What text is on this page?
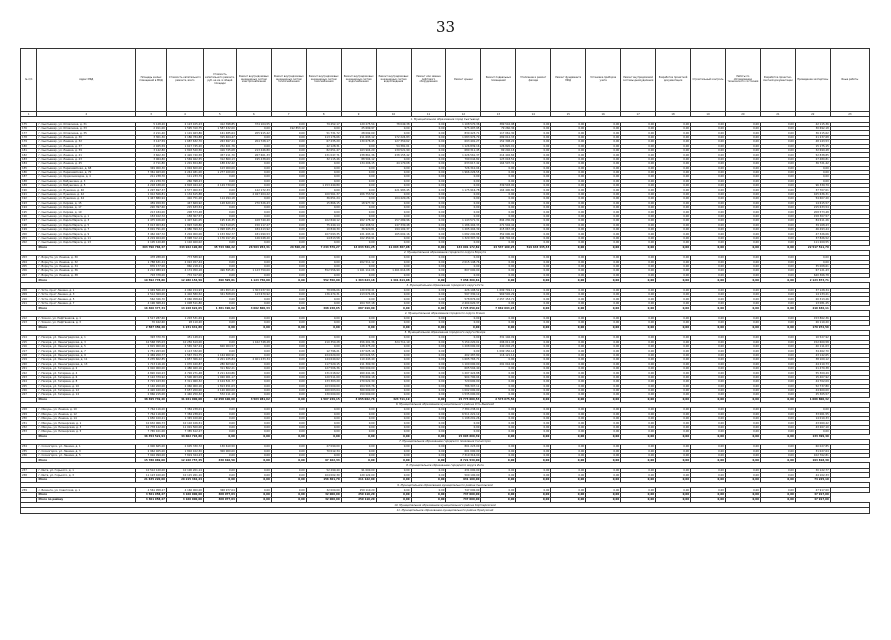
33
№ п/п	Адрес МКД	Площадь жилых помещений в МКД	Стоимость капитального ремонта, всего	Стоимость капитального ремонта, руб. на кв. м общей площади	Ремонт внутридомовых инженерных систем электроснабжения	Ремонт внутридомовых инженерных систем теплоснабжения	Ремонт внутридомовых инженерных систем газоснабжения	Ремонт внутридомовых инженерных систем водоснабжения	Ремонт внутридомовых инженерных систем водоотведения	Ремонт или замена лифтового оборудования	Ремонт крыши	Ремонт подвальных помещений	Утепление и ремонт фасада	Ремонт фундамента МКД	Установка приборов учета	Ремонт внутридомовой системы дымоудаления	Разработка проектной документации	Строительный контроль	Работы по обследованию технического состояния	Разработка проектно-сметной документации	Проведение экспертизы	Иные работы
1	2	3	4	5	6	7	8	9	10	11	12	13	14	15	16	17	18	19	20	21	22	23
1. Муниципальное образование город Сыктывкар																						
175	г. Сыктывкар, ул. Оплеснина, д. 31	5 128,20	2 123 105,23	412 398,85	374 104,55	0,00	79 452,17	129 275,54	78 049,38	0,00	1 108 570,36	389 542,98	0,00	0,00	0,00	0,00	0,00	0,00	0,00	0,00	42 115,36	
176	г. Сыктывкар, ул. Оплеснина, д. 33	2 911,00	1 595 310,75	1 587 432,00	0,00	192 853,12	0,00	25 699,97	0,00	0,00	975 407,95	79 260,36	0,00	0,00	0,00	0,00	0,00	0,00	0,00	0,00	30 692,18	
177	г. Сыктывкар, ул. Оплеснина, д. 35	2 211,40	1 101 463,86	161 485,64	205 915,42	0,00	51 731,72	28 092,09	0,00	0,00	830 423,71	117 061,30	0,00	0,00	0,00	0,00	0,00	0,00	0,00	0,00	36 215,62	
178	г. Сыктывкар, ул. Ленина, д. 30	3 301,30	2 186 784,88	315 464,47	0,00	0,00	113 176,66	211 693,12	172 224,83	0,00	1 083 976,79	289 012,33	0,00	0,00	0,00	0,00	0,00	0,00	0,00	0,00	21 237,68	
179	г. Сыктывкар, ул. Ленина, д. 32	3 147,59	1 687 632,70	263 697,24	204 728,17	0,00	67 235,20	130 678,45	127 350,62	0,00	693 491,27	152 308,22	0,00	0,00	0,00	0,00	0,00	0,00	0,00	0,00	48 143,53	
180	г. Сыктывкар, ул. Ленина, д. 37	2 925,59	1 617 745,20	252 401,76	0,00	0,00	42 128,31	0,00	54 381,01	0,00	1 126 839,16	126 820,01	0,00	0,00	0,00	0,00	0,00	0,00	0,00	0,00	15 175,15	
181	г. Сыктывкар, ул. Ленина, д. 39	3 142,80	1 818 520,56	416 745,08	213 446,80	0,00	82 651,47	163 904,20	139 521,90	0,00	680 311,45	89 240,18	0,00	0,00	0,00	0,00	0,00	0,00	0,00	0,00	32 699,48	
182	г. Сыктывкар, ул. Ленина, д. 41	3 602,30	2 426 740,58	457 211,70	267 661,33	0,00	131 047,71	238 861,36	238 155,42	0,00	1 226 561,37	214 402,84	0,00	0,00	0,00	0,00	0,00	0,00	0,00	0,00	52 838,85	
183	г. Сыктывкар, ул. Ленина, д. 43	3 064,80	1 569 462,55	312 860,13	195 438,69	0,00	32 115,46	88 504,12	0,00	0,00	790 044,82	123 018,52	0,00	0,00	0,00	0,00	0,00	0,00	0,00	0,00	27 480,81	
184	г. Сыктывкар, ул. Ленина, д. 45	2 711,80	1 201 654,80	188 432,42	0,00	0,00	0,00	134 206,15	44 170,08	0,00	633 617,42	164 507,31	0,00	0,00	0,00	0,00	0,00	0,00	0,00	0,00	36 721,42	
185	г. Сыктывкар, ул. Первомайская, д. 68	349 000,30	1 004 600,00	103 000,00	0,00	0,00	0,00	0,00	0,00	0,00	726 310,04	0,00	0,00	0,00	0,00	0,00	0,00	0,00	0,00	0,00	0,00	
186	г. Сыктывкар, ул. Первомайская, д. 70	7 361 463,00	2 244 481,00	1 277 100,00	0,00	0,00	0,00	0,00	0,00	0,00	1 966 226,55	0,00	0,00	0,00	0,00	0,00	0,00	0,00	0,00	0,00	0,00	
187	г. Сыктывкар, ул. Орджоникидзе, д. 4	211 238,70	111 233,79	0,00	0,00	0,00	0,00	0,00	0,00	0,00	0,00	0,00	0,00	0,00	0,00	0,00	0,00	0,00	0,00	0,00	0,00	
188	г. Сыктывкар, ул. Бабушкина, д. 3	211 239,70	266 398,23	0,00	0,00	0,00	0,00	0,00	0,00	0,00	0,00	0,00	0,00	0,00	0,00	0,00	0,00	0,00	0,00	0,00	0,00	
189	г. Сыктывкар, ул. Бабушкина, д. 5	4 218 188,00	2 818 044,22	2 129 739,00	0,00	0,00	1 153 440,80	0,00	0,00	0,00	0,00	339 503,00	0,00	0,00	0,00	0,00	0,00	0,00	0,00	0,00	96 339,79	
190	г. Сыктывкар, ул. Пушкина, д. 40	2 297 697,37	2 577 000,53	0,00	122 172,33	0,00	0,00	0,00	221 983,45	0,00	1 175 916,78	164 400,80	0,00	0,00	0,00	0,00	0,00	0,00	0,00	0,00	37 707,01	
191	г. Сыктывкар, ул. Пушкина, д. 42	1 912 566,81	1 134 615,88	0,00	2 947 204,22	0,00	100 561,37	206 753,52	0,00	0,00	0,00	0,00	0,00	0,00	0,00	0,00	0,00	0,00	0,00	0,00	165 636,31	
192	г. Сыктывкар, ул. Пушкина, д. 44	1 447 880,94	416 751,28	114 294,18	0,00	0,00	36 651,24	0,00	104 420,26	0,00	0,00	0,00	0,00	0,00	0,00	0,00	0,00	0,00	0,00	0,00	54 607,20	
193	г. Сыктывкар, ул. Кирова, д. 15	459 459,50	447 669,92	128 620,24	270 526,43	0,00	15 866,15	18 977,32	0,00	0,00	0,00	0,00	0,00	0,00	0,00	0,00	0,00	0,00	0,00	0,00	14 615,57	
194	г. Сыктывкар, ул. Кирова, д. 17	220 397,60	215 633,54	0,00	0,00	0,00	0,00	0,00	0,00	0,00	0,00	0,00	0,00	0,00	0,00	0,00	0,00	0,00	0,00	0,00	215 633,54	
195	г. Сыктывкар, ул. Кирова, д. 19	213 184,00	208 573,48	0,00	0,00	0,00	0,00	0,00	0,00	0,00	0,00	0,00	0,00	0,00	0,00	0,00	0,00	0,00	0,00	0,00	208 573,48	
196	г. Сыктывкар, ул. Карла Маркса, д. 1	153 102,72	158 307,57	0,00	0,00	0,00	0,00	0,00	0,00	0,00	0,00	0,00	0,00	0,00	0,00	0,00	0,00	0,00	0,00	0,00	158 307,57	
197	г. Сыктывкар, ул. Карла Маркса, д. 3	2 475 106,00	1 407 641,05	195 416,35	108 740,40	0,00	102 849,12	202 178,42	157 289,96	0,00	1 143 571,31	894 230,09	0,00	0,00	0,00	0,00	0,00	0,00	0,00	0,00	84 611,26	
198	г. Сыктывкар, ул. Карла Маркса, д. 5	3 013 003,84	1 893 318,86	314 519,05	150 117,27	0,00	75 440,14	162 408,51	147 330,48	0,00	1 186 404,33	271 504,42	0,00	0,00	0,00	0,00	0,00	0,00	0,00	0,00	39 168,43	
199	г. Сыктывкар, ул. Карла Маркса, д. 7	3 001 791,00	2 980 399,32	1 098 945,33	184 413,92	0,00	10 849,30	36 920,81	194 102,37	0,00	1 205 404,39	415 067,45	0,00	0,00	0,00	0,00	0,00	0,00	0,00	0,00	46 493,44	
200	г. Сыктывкар, ул. Карла Маркса, д. 9	3 462 047,72	3 204 000,00	1 153 302,77	181 090,53	0,00	107 093,35	221 493,41	165 602,16	0,00	1 082 200,88	352 000,00	0,00	0,00	0,00	0,00	0,00	0,00	0,00	0,00	47 326,06	
201	г. Сыктывкар, ул. Карла Маркса, д. 11	4 219 404,00	3 098 312,14	1 176 017,46	126 048,20	0,00	14 813,58	102 450,91	0,00	0,00	1 320 307,32	444 702,04	0,00	0,00	0,00	0,00	0,00	0,00	0,00	0,00	37 826,52	
202	г. Сыктывкар, ул. Карла Маркса, д. 13	2 105 120,68	1 102 400,02	0,00	0,00	0,00	0,00	0,00	0,00	0,00	0,00	0,00	0,00	0,00	0,00	0,00	0,00	0,00	0,00	0,00	111 209,55	
	Итого	363 796 766,47	343 922 190,80	45 743 360,22	26 504 953,31	26 506,29	7 244 579,27	14 033 541,25	11 663 387,98	0,00	144 001 172,82	24 537 169,25	519 643 435,33	0,00	0,00	0,00	0,00	0,00	0,00	0,00	22 517 511,79	
2. Муниципальное образование городского округа Воркута																						
203	г. Воркута, ул. Ленина, д. 30	478 288,00	773 588,92	0,00	0,00	0,00	0,00	0,00	0,00	0,00	0,00	0,00	0,00	0,00	0,00	0,00	0,00	0,00	0,00	0,00	0,00	
204	г. Воркута, ул. Ленина, д. 32	1 788 631,24	2 022 457,44	0,00	0,00	0,00	0,00	202 511,12	0,00	0,00	2 015 148,76	0,00	0,00	0,00	0,00	0,00	0,00	0,00	0,00	0,00	0,00	
205	г. Воркута, ул. Ленина, д. 34	876 177,00	860 218,21	0,00	0,00	0,00	0,00	0,00	0,00	0,00	0,00	0,00	0,00	0,00	0,00	0,00	0,00	0,00	0,00	0,00	35 008,61	
206	г. Воркута, ул. Ленина, д. 36	2 212 089,94	4 174 050,18	496 595,81	1 123 750,00	0,00	552 556,90	1 161 112,06	1 461 614,08	0,00	807 000,00	0,00	0,00	0,00	0,00	0,00	0,00	0,00	0,00	0,00	67 121,43	
207	г. Воркута, ул. Ленина, д. 38	703 378,00	772 317,00	0,00	0,00	0,00	0,00	0,00	0,00	0,00	0,00	0,00	0,00	0,00	0,00	0,00	0,00	0,00	0,00	0,00	640 366,78	
	Итого	10 592 778,86	12 286 154,59	496 595,81	1 123 750,00	0,00	552 556,90	1 363 623,18	1 461 614,08	0,00	7 958 360,61	0,00	0,00	0,00	0,00	0,00	0,00	0,00	0,00	0,00	2 123 873,71	
3. Муниципальное образование городского округа Ухта																						
208	г. Ухта, пр-кт Ленина, д. 1	1 949 566,20	4 060 154,93	451 653,21	1 303 037,50	0,00	78 086,06	120 030,41	0,00	0,00	426 108,52	1 699 749,11	0,00	0,00	0,00	0,00	0,00	0,00	0,00	0,00	37 128,34	
209	г. Ухта, пр-кт Ленина, д. 3	2 512 369,00	2 402 580,52	341 508,09	123 670,92	0,00	136 474,31	213 074,06	0,00	0,00	597 330,12	969 592,29	0,00	0,00	0,00	0,00	0,00	0,00	0,00	0,00	14 133,21	
210	г. Ухта, пр-кт Ленина, д. 5	562 326,70	3 060 058,64	0,00	0,00	0,00	0,00	0,00	0,00	0,00	578 876,00	2 257 153,71	0,00	0,00	0,00	0,00	0,00	0,00	0,00	0,00	20 313,26	
211	г. Ухта, пр-кт Ленина, д. 7	4 196 368,44	1 008 511,80	0,00	0,00	0,00	0,00	204 707,18	0,00	0,00	2 404 620,37	0,00	0,00	0,00	0,00	0,00	0,00	0,00	0,00	0,00	13 081,25	
	Итого	16 400 377,34	14 228 622,05	1 381 490,02	4 002 800,33	0,00	498 248,65	687 019,90	0,00	0,00	3 725 650,02	7 862 094,23	0,00	0,00	0,00	0,00	0,00	0,00	0,00	0,00	210 636,11	
4. Муниципальное образование городского округа Усинск																						
212	г. Усинск, ул. Нефтяников, д. 1	2 517 287,60	1 203 531,69	0,00	0,00	0,00	0,00	0,00	0,00	0,00	0,00	0,00	0,00	0,00	0,00	0,00	0,00	0,00	0,00	0,00	153 862,36	
213	г. Усинск, ул. Нефтяников, д. 3	70 162,60	28 110,20	0,00	0,00	0,00	0,00	0,00	0,00	0,00	0,00	0,00	0,00	0,00	0,00	0,00	0,00	0,00	0,00	0,00	26 110,20	
	Итого	2 587 450,20	1 231 641,89	0,00	0,00	0,00	0,00	0,00	0,00	0,00	0,00	0,00	0,00	0,00	0,00	0,00	0,00	0,00	0,00	0,00	179 972,56	
5. Муниципальное образование городского округа Печора																						
214	г. Печора, ул. Ленинградская, д. 1	393 370,76	451 148,01	0,00	0,00	0,00	0,00	0,00	0,00	0,00	0,00	331 146,09	0,00	0,00	0,00	0,00	0,00	0,00	0,00	0,00	10 527,92	
215	г. Печора, ул. Ленинградская, д. 3	10 568 765,03	10 256 619,00	0,00	1 162 748,28	0,00	210 350,28	456 201,36	324 711,19	0,00	5 154 220,01	296 011,45	0,00	0,00	0,00	0,00	0,00	0,00	0,00	0,00	152 600,58	
216	г. Печора, ул. Ленинградская, д. 5	2 815 000,00	2 565 347,24	600 004,57	0,00	0,00	0,00	128 475,20	0,00	0,00	1 208 000,00	440 202,25	0,00	0,00	0,00	0,00	0,00	0,00	0,00	0,00	40 111,03	
217	г. Печора, ул. Ленинградская, д. 7	1 751 263,00	1 113 332,00	0,00	0,00	0,00	12 796,21	137 025,16	0,00	0,00	0,00	1 099 150,14	0,00	0,00	0,00	0,00	0,00	0,00	0,00	0,00	34 462,70	
218	г. Печора, ул. Ленинградская, д. 9	2 469 200,77	1 567 704,75	1 164 960,91	0,00	0,00	224 620,00	103 024,55	0,00	0,00	402 487,80	116 121,14	0,00	0,00	0,00	0,00	0,00	0,00	0,00	0,00	43 142,65	
219	г. Печора, ул. Ленинградская, д. 11	3 235 602,85	1 657 366,22	2 201 225,84	2 401 233,34	0,00	144 640,62	110 443,40	0,00	0,00	1 605 765,71	0,00	0,00	0,00	0,00	0,00	0,00	0,00	0,00	0,00	38 100,12	
220	г. Печора, ул. Ленинградская, д. 13	1 713 116,16	1 070 160,87	280 603,62	0,00	0,00	117 520,15	211 300,30	0,00	0,00	1 100 000,00	291 044,94	0,00	0,00	0,00	0,00	0,00	0,00	0,00	0,00	44 210,73	
221	г. Печора, ул. Гагарина, д. 2	2 910 000,00	1 480 460,16	311 802,21	0,00	0,00	127 506,36	300 000,00	0,00	0,00	605 504,40	0,00	0,00	0,00	0,00	0,00	0,00	0,00	0,00	0,00	21 470,38	
222	г. Печора, ул. Гагарина, д. 4	4 820 010,23	4 726 271,48	3 211 424,86	0,00	0,00	131 018,62	260 441,46	0,00	0,00	1 207 424,88	0,00	0,00	0,00	0,00	0,00	0,00	0,00	0,00	0,00	55 309,49	
223	г. Печора, ул. Гагарина, д. 6	3 122 379,92	2 500 003,09	1 020 001,17	0,00	0,00	120 511,00	370 602,18	0,00	0,00	904 700,04	0,00	0,00	0,00	0,00	0,00	0,00	0,00	0,00	0,00	15 407,92	
224	г. Печора, ул. Гагарина, д. 8	3 715 163,50	3 311 060,32	2 104 521,77	0,00	0,00	133 303,20	270 022,30	0,00	0,00	720 600,00	0,00	0,00	0,00	0,00	0,00	0,00	0,00	0,00	0,00	44 702,09	
225	г. Печора, ул. Гагарина, д. 10	3 140 200,00	2 960 000,16	1 813 451,03	0,00	0,00	103 000,00	204 503,76	0,00	0,00	786 307,11	0,00	0,00	0,00	0,00	0,00	0,00	0,00	0,00	0,00	52 737,80	
226	г. Печора, ул. Гагарина, д. 12	4 420 420,00	3 657 200,00	2 120 000,00	0,00	0,00	160 003,04	300 000,00	0,00	0,00	1 002 000,00	0,00	0,00	0,00	0,00	0,00	0,00	0,00	0,00	0,00	44 600,00	
227	г. Печора, ул. Гагарина, д. 14	2 866 215,00	2 440 250,32	572 111,10	0,00	0,00	130 000,00	150 000,00	0,00	0,00	1 535 000,00	0,00	0,00	0,00	0,00	0,00	0,00	0,00	0,00	0,00	25 305,57	
	Итого	48 495 749,26	41 041 000,08	12 258 100,00	3 563 981,62	0,00	1 567 249,15	3 055 062,76	324 711,19	0,00	15 773 009,53	2 573 675,56	0,00	0,00	0,00	0,00	0,00	0,00	0,00	0,00	1 006 800,32	
6. Муниципальное образование муниципального района Усть-Вымский																						
228	г. Микунь, ул. Ленина, д. 10	7 764 116,00	7 384 238,01	0,00	0,00	0,00	0,00	0,00	0,00	0,00	7 384 238,01	0,00	0,00	0,00	0,00	0,00	0,00	0,00	0,00	0,00	0,00	
229	г. Микунь, ул. Ленина, д. 12	7 764 116,00	7 384 238,01	0,00	0,00	0,00	0,00	0,00	0,00	0,00	6 511 221,12	0,00	0,00	0,00	0,00	0,00	0,00	0,00	0,00	0,00	33 061,55	
230	г. Микунь, ул. Ленина, д. 14	1 650 100,21	1 345 100,00	0,00	0,00	0,00	0,00	0,00	0,00	0,00	1 198 201,26	0,00	0,00	0,00	0,00	0,00	0,00	0,00	0,00	0,00	14 010,33	
231	г. Микунь, ул. Пионерская, д. 1	10 632 966,73	10 102 106,51	0,00	0,00	0,00	0,00	0,00	0,00	0,00	0,00	0,00	0,00	0,00	0,00	0,00	0,00	0,00	0,00	0,00	43 060,42	
232	г. Микунь, ул. Пионерская, д. 3	10 778 122,00	11 001 500,00	0,00	0,00	0,00	0,00	0,00	0,00	0,00	0,00	0,00	0,00	0,00	0,00	0,00	0,00	0,00	0,00	0,00	43 267,10	
233	г. Микунь, ул. Пионерская, д. 5	7 765 101,00	7 385 612,27	0,00	0,00	0,00	0,00	0,00	0,00	0,00	0,00	0,00	0,00	0,00	0,00	0,00	0,00	0,00	0,00	0,00	0,00	
	Итого	46 354 521,94	44 602 794,80	0,00	0,00	0,00	0,00	0,00	0,00	0,00	15 093 660,39	0,00	0,00	0,00	0,00	0,00	0,00	0,00	0,00	0,00	133 399,40	
7. Муниципальное образование городского поселения Сосногорск																						
234	г. Сосногорск, ул. Ленина, д. 1	4 900 665,00	2 605 330,72	130 610,50	0,00	0,00	27 090,00	0,00	0,00	0,00	801 223,00	0,00	0,00	0,00	0,00	0,00	0,00	0,00	0,00	0,00	60 027,85	
235	г. Сосногорск, ул. Ленина, д. 3	2 962 405,00	1 802 102,50	300 000,00	0,00	0,00	70 012,34	0,00	0,00	0,00	601 000,00	0,00	0,00	0,00	0,00	0,00	0,00	0,00	0,00	0,00	31 027,64	
236	г. Сосногорск, ул. Ленина, д. 5	7 916 999,00	7 819 324,23	0,00	0,00	0,00	0,00	0,00	0,00	0,00	7 319 316,00	0,00	0,00	0,00	0,00	0,00	0,00	0,00	0,00	0,00	102 762,81	
	Итого	15 780 069,00	12 226 757,45	430 610,50	0,00	0,00	97 102,34	0,00	0,00	0,00	8 721 539,00	0,00	0,00	0,00	0,00	0,00	0,00	0,00	0,00	0,00	193 818,30	
8. Муниципальное образование городского округа Инта																						
237	г. Инта, ул. Горького, д. 1	10 512 120,00	10 100 201,14	0,00	0,00	0,00	52 299,40	91 000,00	0,00	0,00	431 000,00	0,00	0,00	0,00	0,00	0,00	0,00	0,00	0,00	0,00	30 122,77	
238	г. Инта, ул. Горького, д. 3	11 123 100,00	10 115 261,10	0,00	0,00	0,00	104 002,30	120 122,00	0,00	0,00	500 100,00	0,00	0,00	0,00	0,00	0,00	0,00	0,00	0,00	0,00	44 102,33	
	Итого	21 635 220,00	20 215 462,24	0,00	0,00	0,00	156 301,70	211 122,00	0,00	0,00	931 100,00	0,00	0,00	0,00	0,00	0,00	0,00	0,00	0,00	0,00	74 225,10	
9. Муниципальное образование муниципального района Сысольский																						
239	с. Визинга, ул. Советская, д. 1	4 561 958,27	4 160 000,00	368 977,04	0,00	0,00	32 000,00	259 110,20	0,00	0,00	747 000,00	0,00	0,00	0,00	0,00	0,00	0,00	0,00	0,00	0,00	47 917,00	
	Итого	4 561 958,27	4 160 000,00	368 977,04	0,00	0,00	32 000,00	259 110,20	0,00	0,00	747 000,00	0,00	0,00	0,00	0,00	0,00	0,00	0,00	0,00	0,00	47 917,00	
	Итого по району	4 301 958,27	4 160 000,00	368 977,04	0,00	0,00	32 000,00	259 110,20	0,00	0,00	747 000,00	0,00	0,00	0,00	0,00	0,00	0,00	0,00	0,00	0,00	47 917,00	
10. Муниципальное образование муниципального района Корткеросский																						
11. Муниципальное образование муниципального района Прилузский																						
